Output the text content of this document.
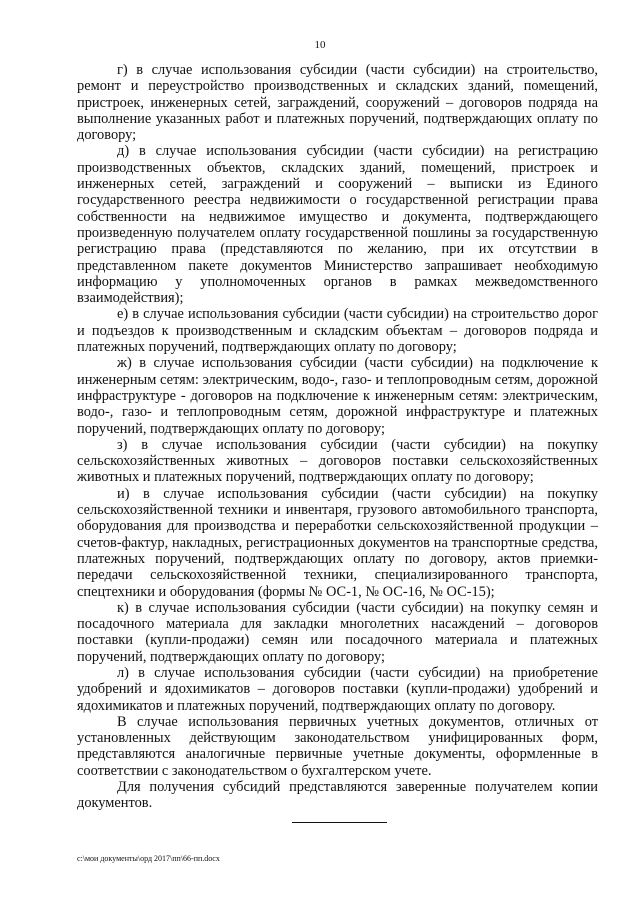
10

г) в случае использования субсидии (части субсидии) на строительство, ремонт и переустройство производственных и складских зданий, помещений, пристроек, инженерных сетей, заграждений, сооружений – договоров подряда на выполнение указанных работ и платежных поручений, подтверждающих оплату по договору;

д) в случае использования субсидии (части субсидии) на регистрацию производственных объектов, складских зданий, помещений, пристроек и инженерных сетей, заграждений и сооружений – выписки из Единого государственного реестра недвижимости о государственной регистрации права собственности на недвижимое имущество и документа, подтверждающего произведенную получателем оплату государственной пошлины за государственную регистрацию права (представляются по желанию, при их отсутствии в представленном пакете документов Министерство запрашивает необходимую информацию у уполномоченных органов в рамках межведомственного взаимодействия);

е) в случае использования субсидии (части субсидии) на строительство дорог и подъездов к производственным и складским объектам – договоров подряда и платежных поручений, подтверждающих оплату по договору;

ж) в случае использования субсидии (части субсидии) на подключение к инженерным сетям: электрическим, водо-, газо- и теплопроводным сетям, дорожной инфраструктуре - договоров на подключение к инженерным сетям: электрическим, водо-, газо- и теплопроводным сетям, дорожной инфраструктуре и платежных поручений, подтверждающих оплату по договору;

з) в случае использования субсидии (части субсидии) на покупку сельскохозяйственных животных – договоров поставки сельскохозяйственных животных и платежных поручений, подтверждающих оплату по договору;

и) в случае использования субсидии (части субсидии) на покупку сельскохозяйственной техники и инвентаря, грузового автомобильного транспорта, оборудования для производства и переработки сельскохозяйственной продукции – счетов-фактур, накладных, регистрационных документов на транспортные средства, платежных поручений, подтверждающих оплату по договору, актов приемки-передачи сельскохозяйственной техники, специализированного транспорта, спецтехники и оборудования (формы № ОС-1, № ОС-16, № ОС-15);

к) в случае использования субсидии (части субсидии) на покупку семян и посадочного материала для закладки многолетних насаждений – договоров поставки (купли-продажи) семян или посадочного материала и платежных поручений, подтверждающих оплату по договору;

л) в случае использования субсидии (части субсидии) на приобретение удобрений и ядохимикатов – договоров поставки (купли-продажи) удобрений и ядохимикатов и платежных поручений, подтверждающих оплату по договору.

В случае использования первичных учетных документов, отличных от установленных действующим законодательством унифицированных форм, представляются аналогичные первичные учетные документы, оформленные в соответствии с законодательством о бухгалтерском учете.

Для получения субсидий представляются заверенные получателем копии документов.

с:\мои документы\орд 2017\пп\66-пп.docx
